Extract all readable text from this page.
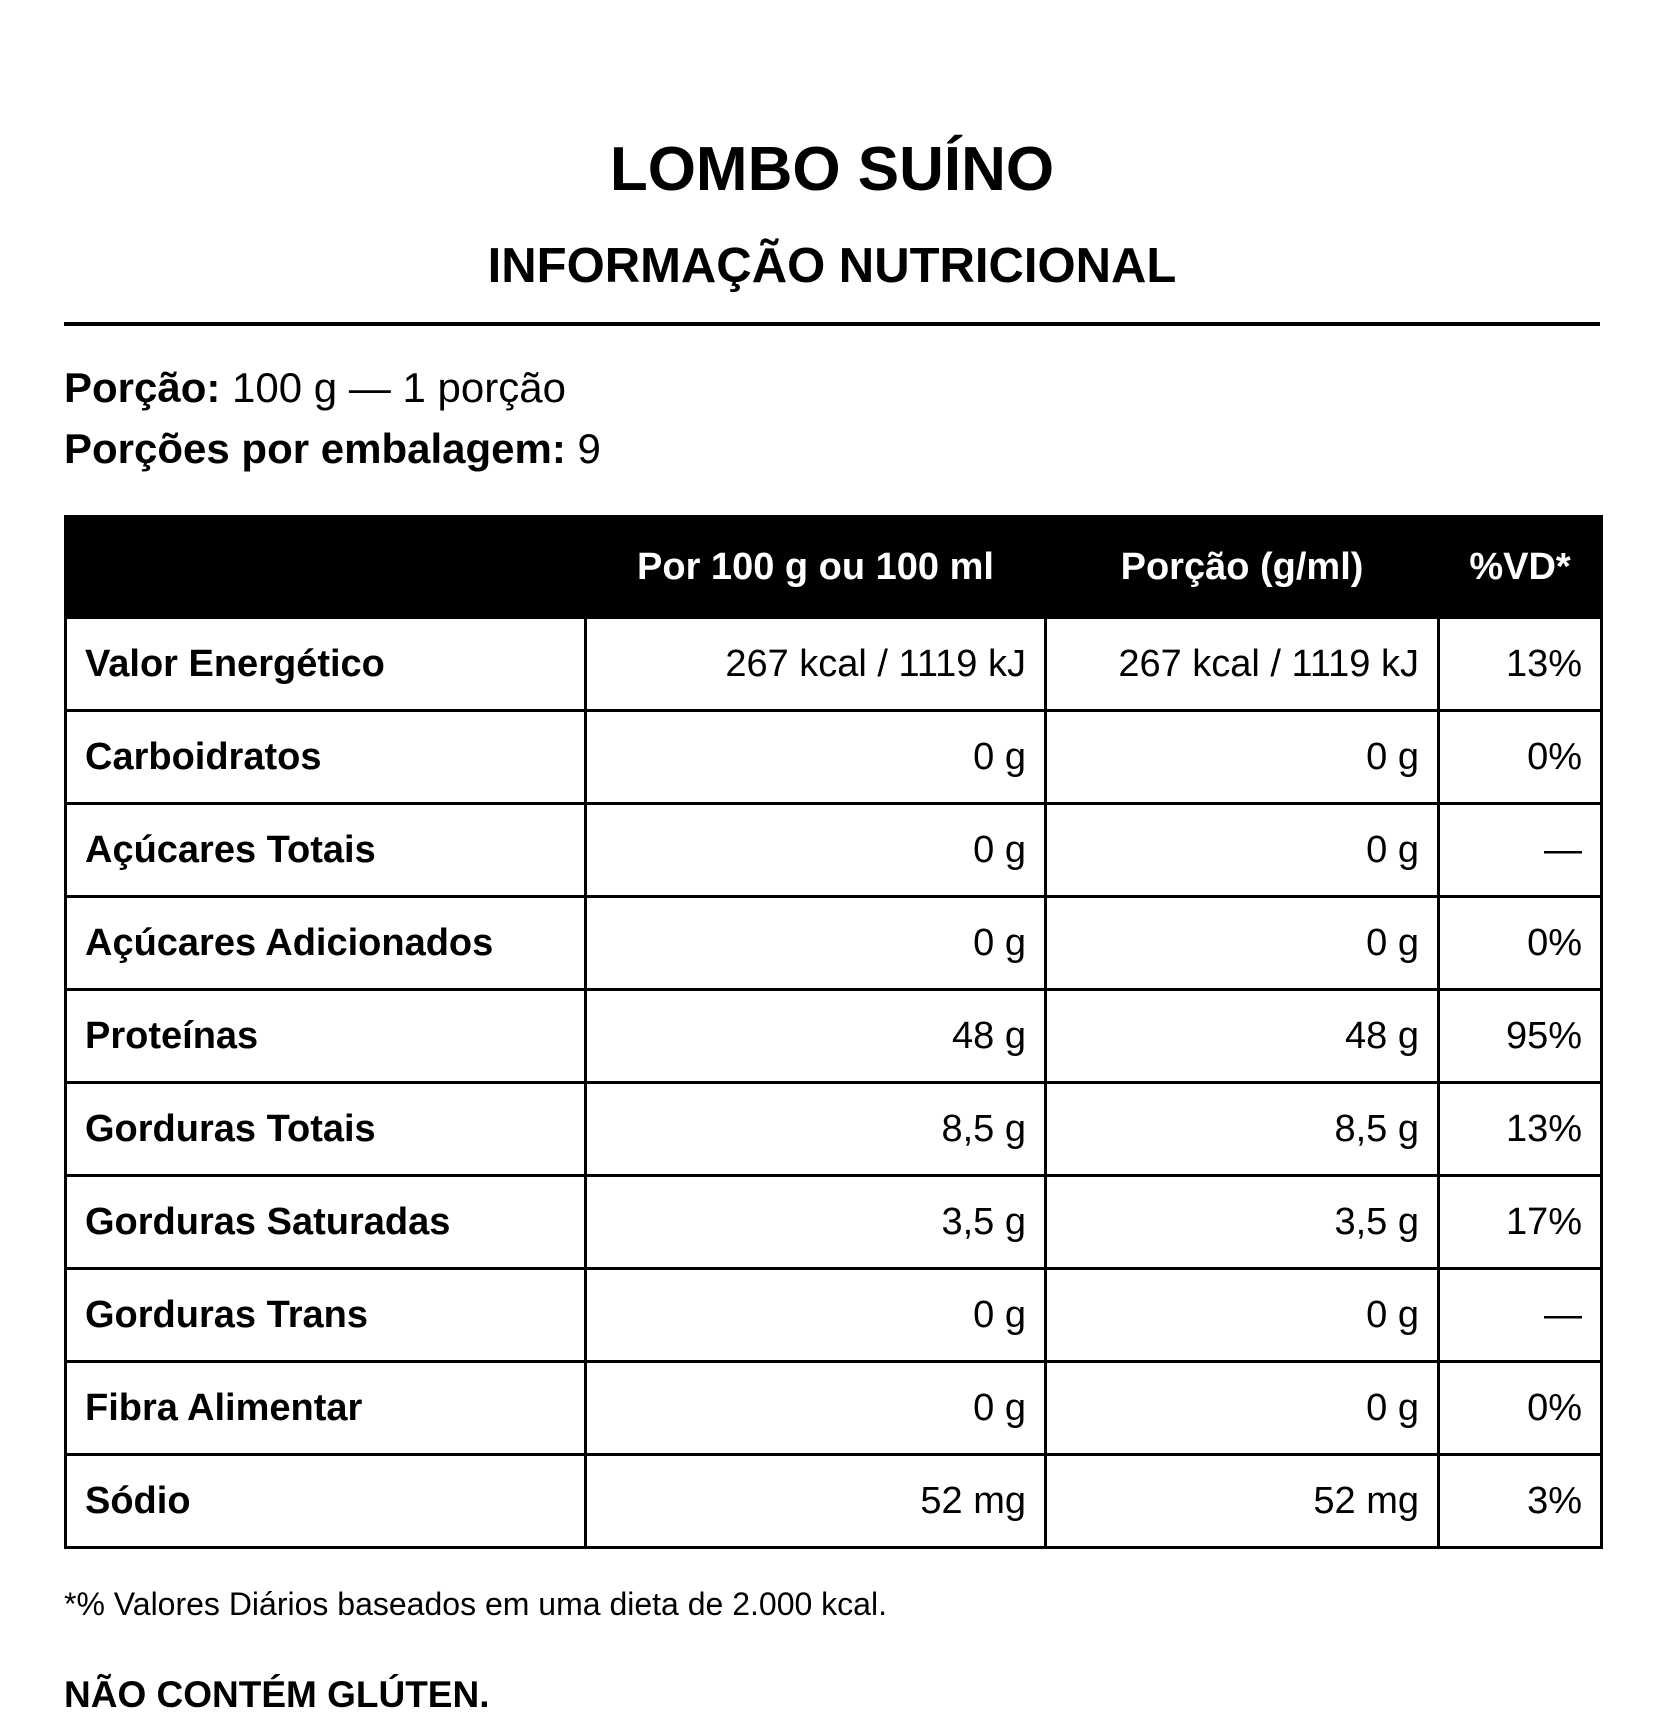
LOMBO SUÍNO
INFORMAÇÃO NUTRICIONAL
Porção: 100 g — 1 porção
Porções por embalagem: 9
	Por 100 g ou 100 ml	Porção (g/ml)	%VD*
Valor Energético	267 kcal / 1119 kJ	267 kcal / 1119 kJ	13%
Carboidratos	0 g	0 g	0%
Açúcares Totais	0 g	0 g	—
Açúcares Adicionados	0 g	0 g	0%
Proteínas	48 g	48 g	95%
Gorduras Totais	8,5 g	8,5 g	13%
Gorduras Saturadas	3,5 g	3,5 g	17%
Gorduras Trans	0 g	0 g	—
Fibra Alimentar	0 g	0 g	0%
Sódio	52 mg	52 mg	3%
*% Valores Diários baseados em uma dieta de 2.000 kcal.
NÃO CONTÉM GLÚTEN.
